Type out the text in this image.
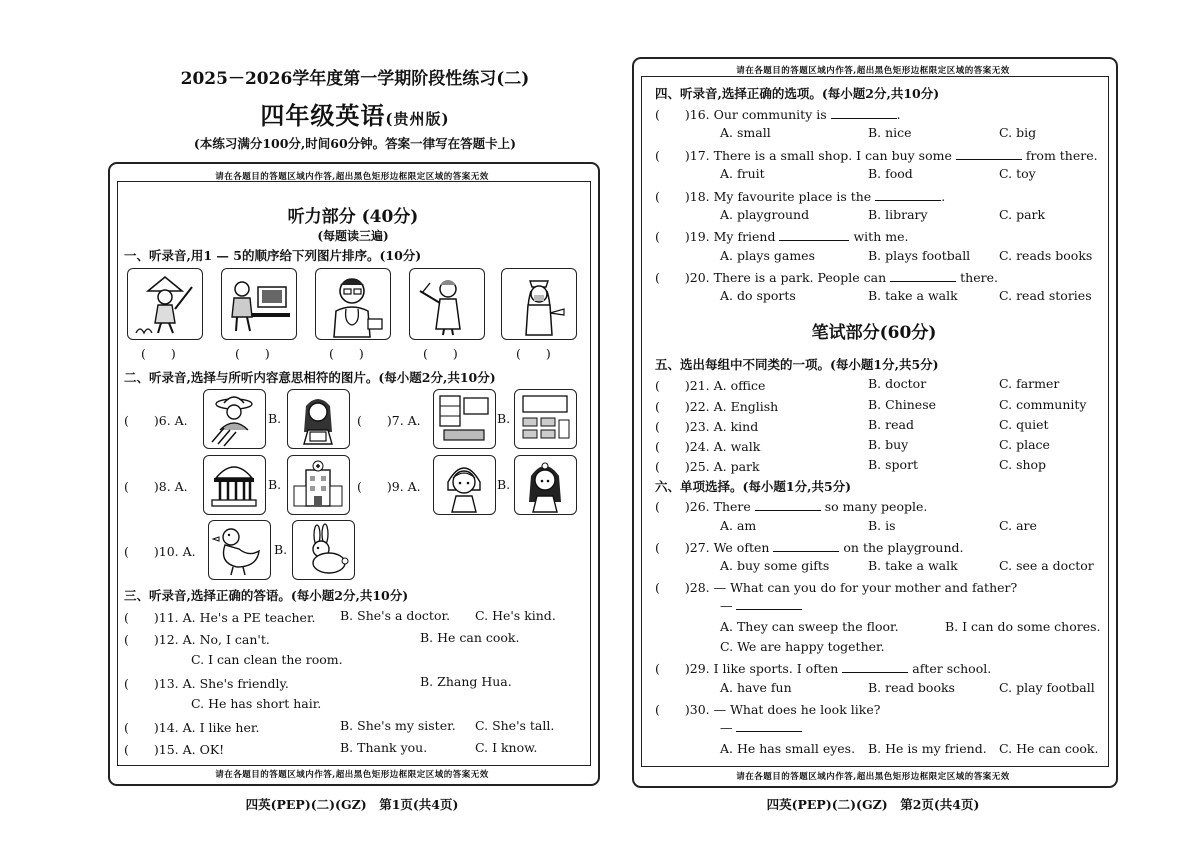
2025－2026学年度第一学期阶段性练习(二)
四年级英语(贵州版)
(本练习满分100分,时间60分钟。答案一律写在答题卡上)
请在各题目的答题区域内作答,超出黑色矩形边框限定区域的答案无效
请在各题目的答题区域内作答,超出黑色矩形边框限定区域的答案无效
听力部分 (40分)
(每题读三遍)
一、听录音,用1 — 5的顺序给下列图片排序。(10分)
(　　)	(　　)	(　　)	(　　)	(　　)
二、听录音,选择与所听内容意思相符的图片。(每小题2分,共10分)
(　　)6. A.	B.	(　　)7. A.	B.
(　　)8. A.	B.	(　　)9. A.	B.
(　　)10. A.	B.
三、听录音,选择正确的答语。(每小题2分,共10分)
(　　)11. A. He's a PE teacher. B. She's a doctor. C. He's kind.
(　　)12. A. No, I can't.	B. He can cook.
C. I can clean the room.
(　　)13. A. She's friendly.	B. Zhang Hua.
C. He has short hair.
(　　)14. A. I like her.	B. She's my sister. C. She's tall.
(　　)15. A. OK!	B. Thank you.	C. I know.
四英(PEP)(二)(GZ)　第1页(共4页)
请在各题目的答题区域内作答,超出黑色矩形边框限定区域的答案无效
请在各题目的答题区域内作答,超出黑色矩形边框限定区域的答案无效
四、听录音,选择正确的选项。(每小题2分,共10分)
(　　)16. Our community is	.
A. small	B. nice	C. big
(　　)17. There is a small shop. I can buy some	from there.
A. fruit	B. food	C. toy
(　　)18. My favourite place is the	.
A. playground	B. library	C. park
(　　)19. My friend	with me.
A. plays games	B. plays football C. reads books
(　　)20. There is a park. People can	there.
A. do sports	B. take a walk	C. read stories
笔试部分(60分)
五、选出每组中不同类的一项。(每小题1分,共5分)
(　　)21. A. office	B. doctor	C. farmer
(　　)22. A. English	B. Chinese	C. community
(　　)23. A. kind	B. read	C. quiet
(　　)24. A. walk	B. buy	C. place
(　　)25. A. park	B. sport	C. shop
六、单项选择。(每小题1分,共5分)
(　　)26. There	so many people.
A. am	B. is	C. are
(　　)27. We often	on the playground.
A. buy some gifts	B. take a walk	C. see a doctor
(　　)28. — What can you do for your mother and father?
—
A. They can sweep the floor.	B. I can do some chores.
C. We are happy together.
(　　)29. I like sports. I often	after school.
A. have fun	B. read books	C. play football
(　　)30. — What does he look like?
—
A. He has small eyes. B. He is my friend. C. He can cook.
四英(PEP)(二)(GZ)　第2页(共4页)
